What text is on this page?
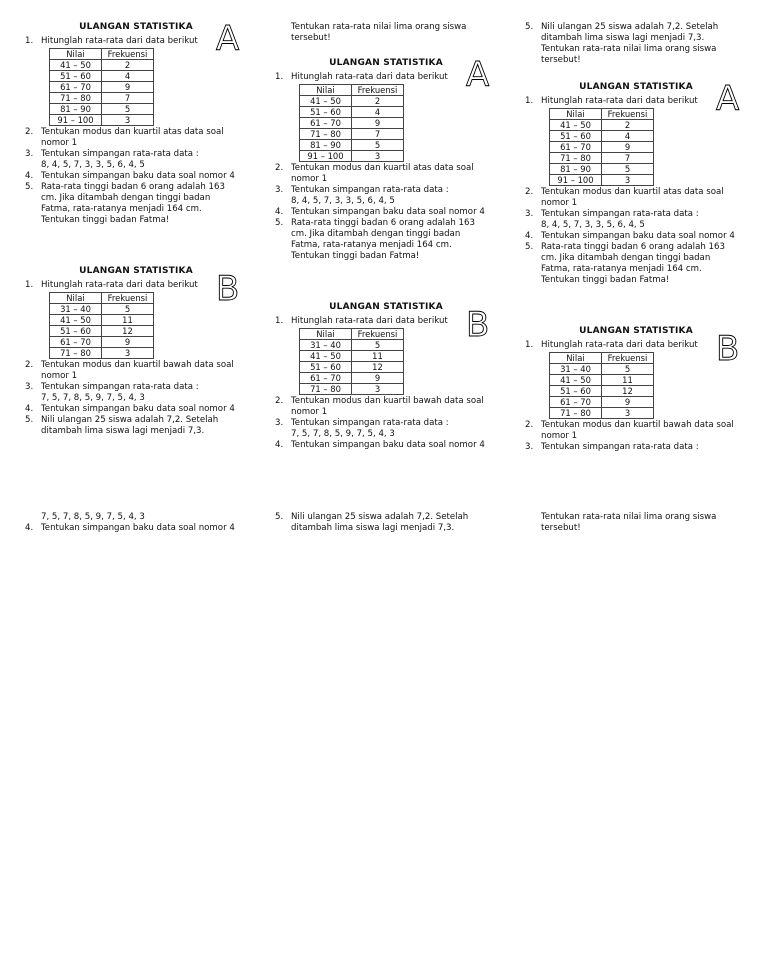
ULANGAN STATISTIKA
1. Hitunglah rata-rata dari data berikut
Nilai	Frekuensi
41 – 50	2
51 – 60	4
61 – 70	9
71 – 80	7
81 – 90	5
91 – 100	3
2. Tentukan modus dan kuartil atas data soal nomor 1
3. Tentukan simpangan rata-rata data :
8, 4, 5, 7, 3, 3, 5, 6, 4, 5
4. Tentukan simpangan baku data soal nomor 4
5. Rata-rata tinggi badan 6 orang adalah 163 cm. Jika ditambah dengan tinggi badan Fatma, rata-ratanya menjadi 164 cm. Tentukan tinggi badan Fatma!
A
ULANGAN STATISTIKA
1. Hitunglah rata-rata dari data berikut
Nilai	Frekuensi
31 – 40	5
41 – 50	11
51 – 60	12
61 – 70	9
71 – 80	3
2. Tentukan modus dan kuartil bawah data soal nomor 1
3. Tentukan simpangan rata-rata data :
7, 5, 7, 8, 5, 9, 7, 5, 4, 3
4. Tentukan simpangan baku data soal nomor 4
5. Nili ulangan 25 siswa adalah 7,2. Setelah ditambah lima siswa lagi menjadi 7,3.
B
7, 5, 7, 8, 5, 9, 7, 5, 4, 3
4. Tentukan simpangan baku data soal nomor 4
Tentukan rata-rata nilai lima orang siswa tersebut!
ULANGAN STATISTIKA
1. Hitunglah rata-rata dari data berikut
Nilai	Frekuensi
41 – 50	2
51 – 60	4
61 – 70	9
71 – 80	7
81 – 90	5
91 – 100	3
2. Tentukan modus dan kuartil atas data soal nomor 1
3. Tentukan simpangan rata-rata data :
8, 4, 5, 7, 3, 3, 5, 6, 4, 5
4. Tentukan simpangan baku data soal nomor 4
5. Rata-rata tinggi badan 6 orang adalah 163 cm. Jika ditambah dengan tinggi badan Fatma, rata-ratanya menjadi 164 cm. Tentukan tinggi badan Fatma!
A
ULANGAN STATISTIKA
1. Hitunglah rata-rata dari data berikut
Nilai	Frekuensi
31 – 40	5
41 – 50	11
51 – 60	12
61 – 70	9
71 – 80	3
2. Tentukan modus dan kuartil bawah data soal nomor 1
3. Tentukan simpangan rata-rata data :
7, 5, 7, 8, 5, 9, 7, 5, 4, 3
4. Tentukan simpangan baku data soal nomor 4
B
5. Nili ulangan 25 siswa adalah 7,2. Setelah ditambah lima siswa lagi menjadi 7,3.
5. Nili ulangan 25 siswa adalah 7,2. Setelah ditambah lima siswa lagi menjadi 7,3. Tentukan rata-rata nilai lima orang siswa tersebut!
ULANGAN STATISTIKA
1. Hitunglah rata-rata dari data berikut
Nilai	Frekuensi
41 – 50	2
51 – 60	4
61 – 70	9
71 – 80	7
81 – 90	5
91 – 100	3
2. Tentukan modus dan kuartil atas data soal nomor 1
3. Tentukan simpangan rata-rata data :
8, 4, 5, 7, 3, 3, 5, 6, 4, 5
4. Tentukan simpangan baku data soal nomor 4
5. Rata-rata tinggi badan 6 orang adalah 163 cm. Jika ditambah dengan tinggi badan Fatma, rata-ratanya menjadi 164 cm. Tentukan tinggi badan Fatma!
A
ULANGAN STATISTIKA
1. Hitunglah rata-rata dari data berikut
Nilai	Frekuensi
31 – 40	5
41 – 50	11
51 – 60	12
61 – 70	9
71 – 80	3
2. Tentukan modus dan kuartil bawah data soal nomor 1
3. Tentukan simpangan rata-rata data :
B
Tentukan rata-rata nilai lima orang siswa tersebut!
